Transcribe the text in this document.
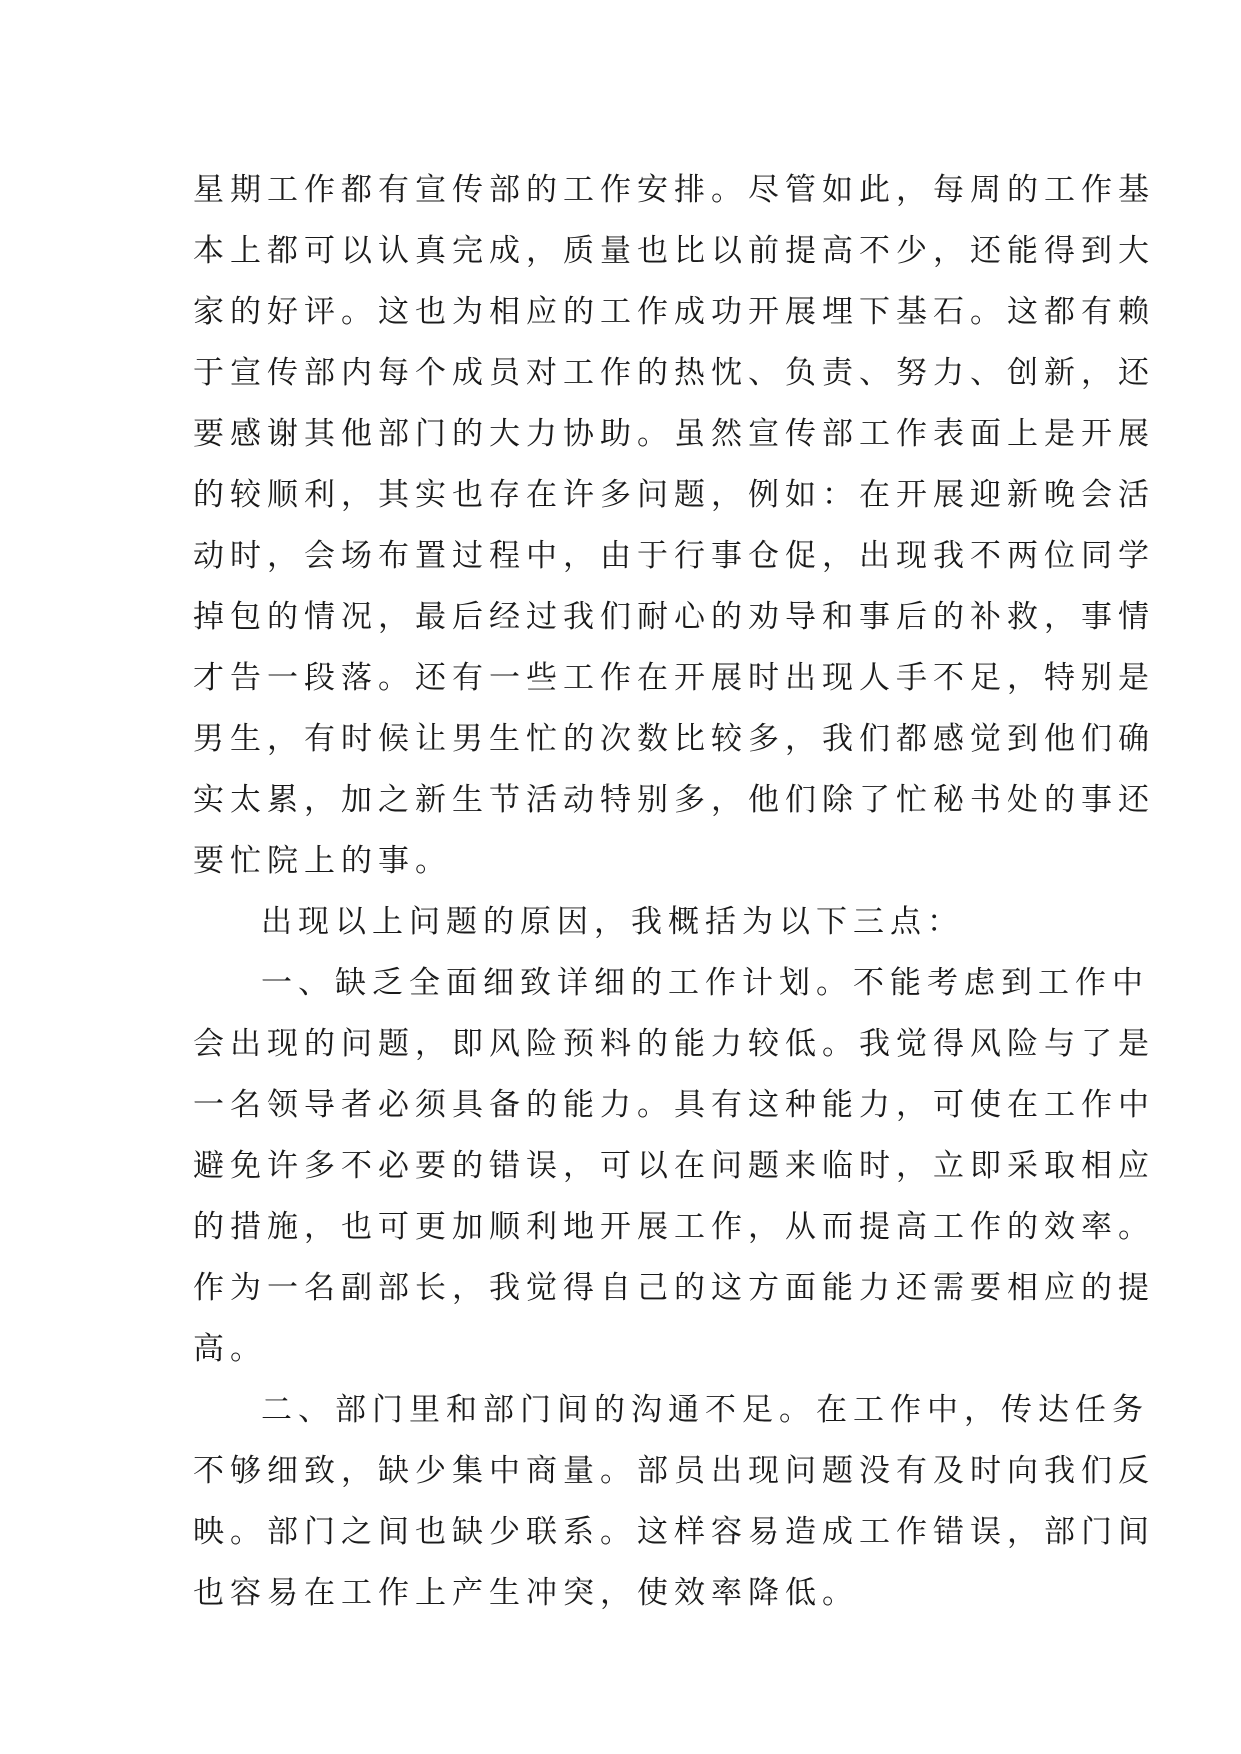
星期工作都有宣传部的工作安排。尽管如此，每周的工作基
本上都可以认真完成，质量也比以前提高不少，还能得到大
家的好评。这也为相应的工作成功开展埋下基石。这都有赖
于宣传部内每个成员对工作的热忱、负责、努力、创新，还
要感谢其他部门的大力协助。虽然宣传部工作表面上是开展
的较顺利，其实也存在许多问题，例如：在开展迎新晚会活
动时，会场布置过程中，由于行事仓促，出现我不两位同学
掉包的情况，最后经过我们耐心的劝导和事后的补救，事情
才告一段落。还有一些工作在开展时出现人手不足，特别是
男生，有时候让男生忙的次数比较多，我们都感觉到他们确
实太累，加之新生节活动特别多，他们除了忙秘书处的事还
要忙院上的事。
出现以上问题的原因，我概括为以下三点：
一、缺乏全面细致详细的工作计划。不能考虑到工作中
会出现的问题，即风险预料的能力较低。我觉得风险与了是
一名领导者必须具备的能力。具有这种能力，可使在工作中
避免许多不必要的错误，可以在问题来临时，立即采取相应
的措施，也可更加顺利地开展工作，从而提高工作的效率。
作为一名副部长，我觉得自己的这方面能力还需要相应的提
高。
二、部门里和部门间的沟通不足。在工作中，传达任务
不够细致，缺少集中商量。部员出现问题没有及时向我们反
映。部门之间也缺少联系。这样容易造成工作错误，部门间
也容易在工作上产生冲突，使效率降低。
